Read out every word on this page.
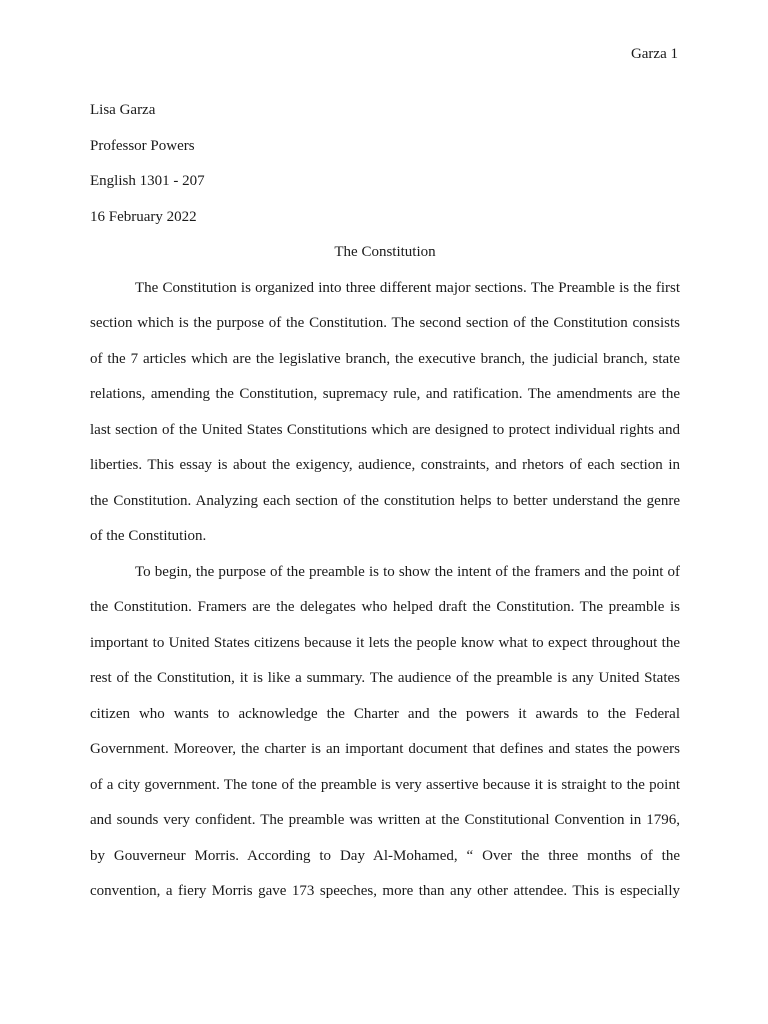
Garza 1
Lisa Garza
Professor Powers
English 1301 - 207
16 February 2022
The Constitution
The Constitution is organized into three different major sections. The Preamble is the first
section which is the purpose of the Constitution. The second section of the Constitution consists
of the 7 articles which are the legislative branch, the executive branch, the judicial branch, state
relations, amending the Constitution, supremacy rule, and ratification. The amendments are the
last section of the United States Constitutions which are designed to protect individual rights and
liberties. This essay is about the exigency, audience, constraints, and rhetors of each section in
the Constitution. Analyzing each section of the constitution helps to better understand the genre
of the Constitution.
To begin, the purpose of the preamble is to show the intent of the framers and the point of
the Constitution. Framers are the delegates who helped draft the Constitution. The preamble is
important to United States citizens because it lets the people know what to expect throughout the
rest of the Constitution, it is like a summary. The audience of the preamble is any United States
citizen who wants to acknowledge the Charter and the powers it awards to the Federal
Government. Moreover, the charter is an important document that defines and states the powers
of a city government. The tone of the preamble is very assertive because it is straight to the point
and sounds very confident. The preamble was written at the Constitutional Convention in 1796,
by Gouverneur Morris. According to Day Al-Mohamed, “ Over the three months of the
convention, a fiery Morris gave 173 speeches, more than any other attendee. This is especially
